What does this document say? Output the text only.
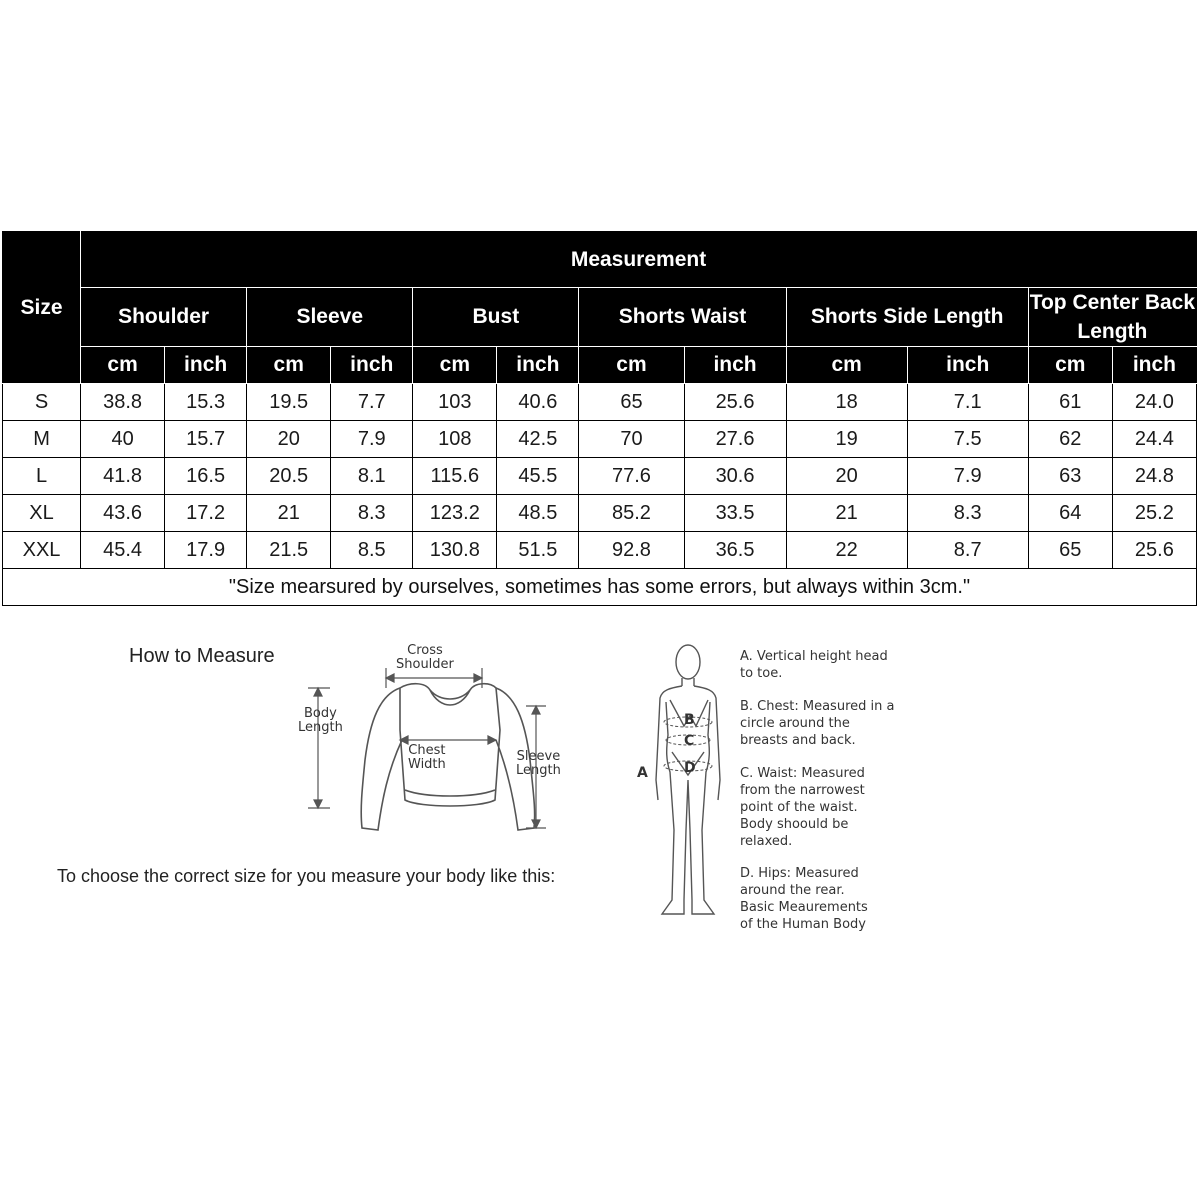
Size	Measurement											
	Shoulder		Sleeve		Bust		Shorts Waist		Shorts Side Length		Top Center Back Length	
	cm	inch	cm	inch	cm	inch	cm	inch	cm	inch	cm	inch
S	38.8	15.3	19.5	7.7	103	40.6	65	25.6	18	7.1	61	24.0
M	40	15.7	20	7.9	108	42.5	70	27.6	19	7.5	62	24.4
L	41.8	16.5	20.5	8.1	115.6	45.5	77.6	30.6	20	7.9	63	24.8
XL	43.6	17.2	21	8.3	123.2	48.5	85.2	33.5	21	8.3	64	25.2
XXL	45.4	17.9	21.5	8.5	130.8	51.5	92.8	36.5	22	8.7	65	25.6
"Size mearsured by ourselves, sometimes has some errors, but always within 3cm."												
How to Measure	Cross
Shoulder
Body
Length
Chest
Width
Sleeve
Length
To choose the correct size for you measure your body like this:
A
B
C
D
A. Vertical height head
to toe.
B. Chest: Measured in a
circle around the
breasts and back.
C. Waist: Measured
from the narrowest
point of the waist.
Body shoould be
relaxed.
D. Hips: Measured
around the rear.
Basic Meaurements
of the Human Body
